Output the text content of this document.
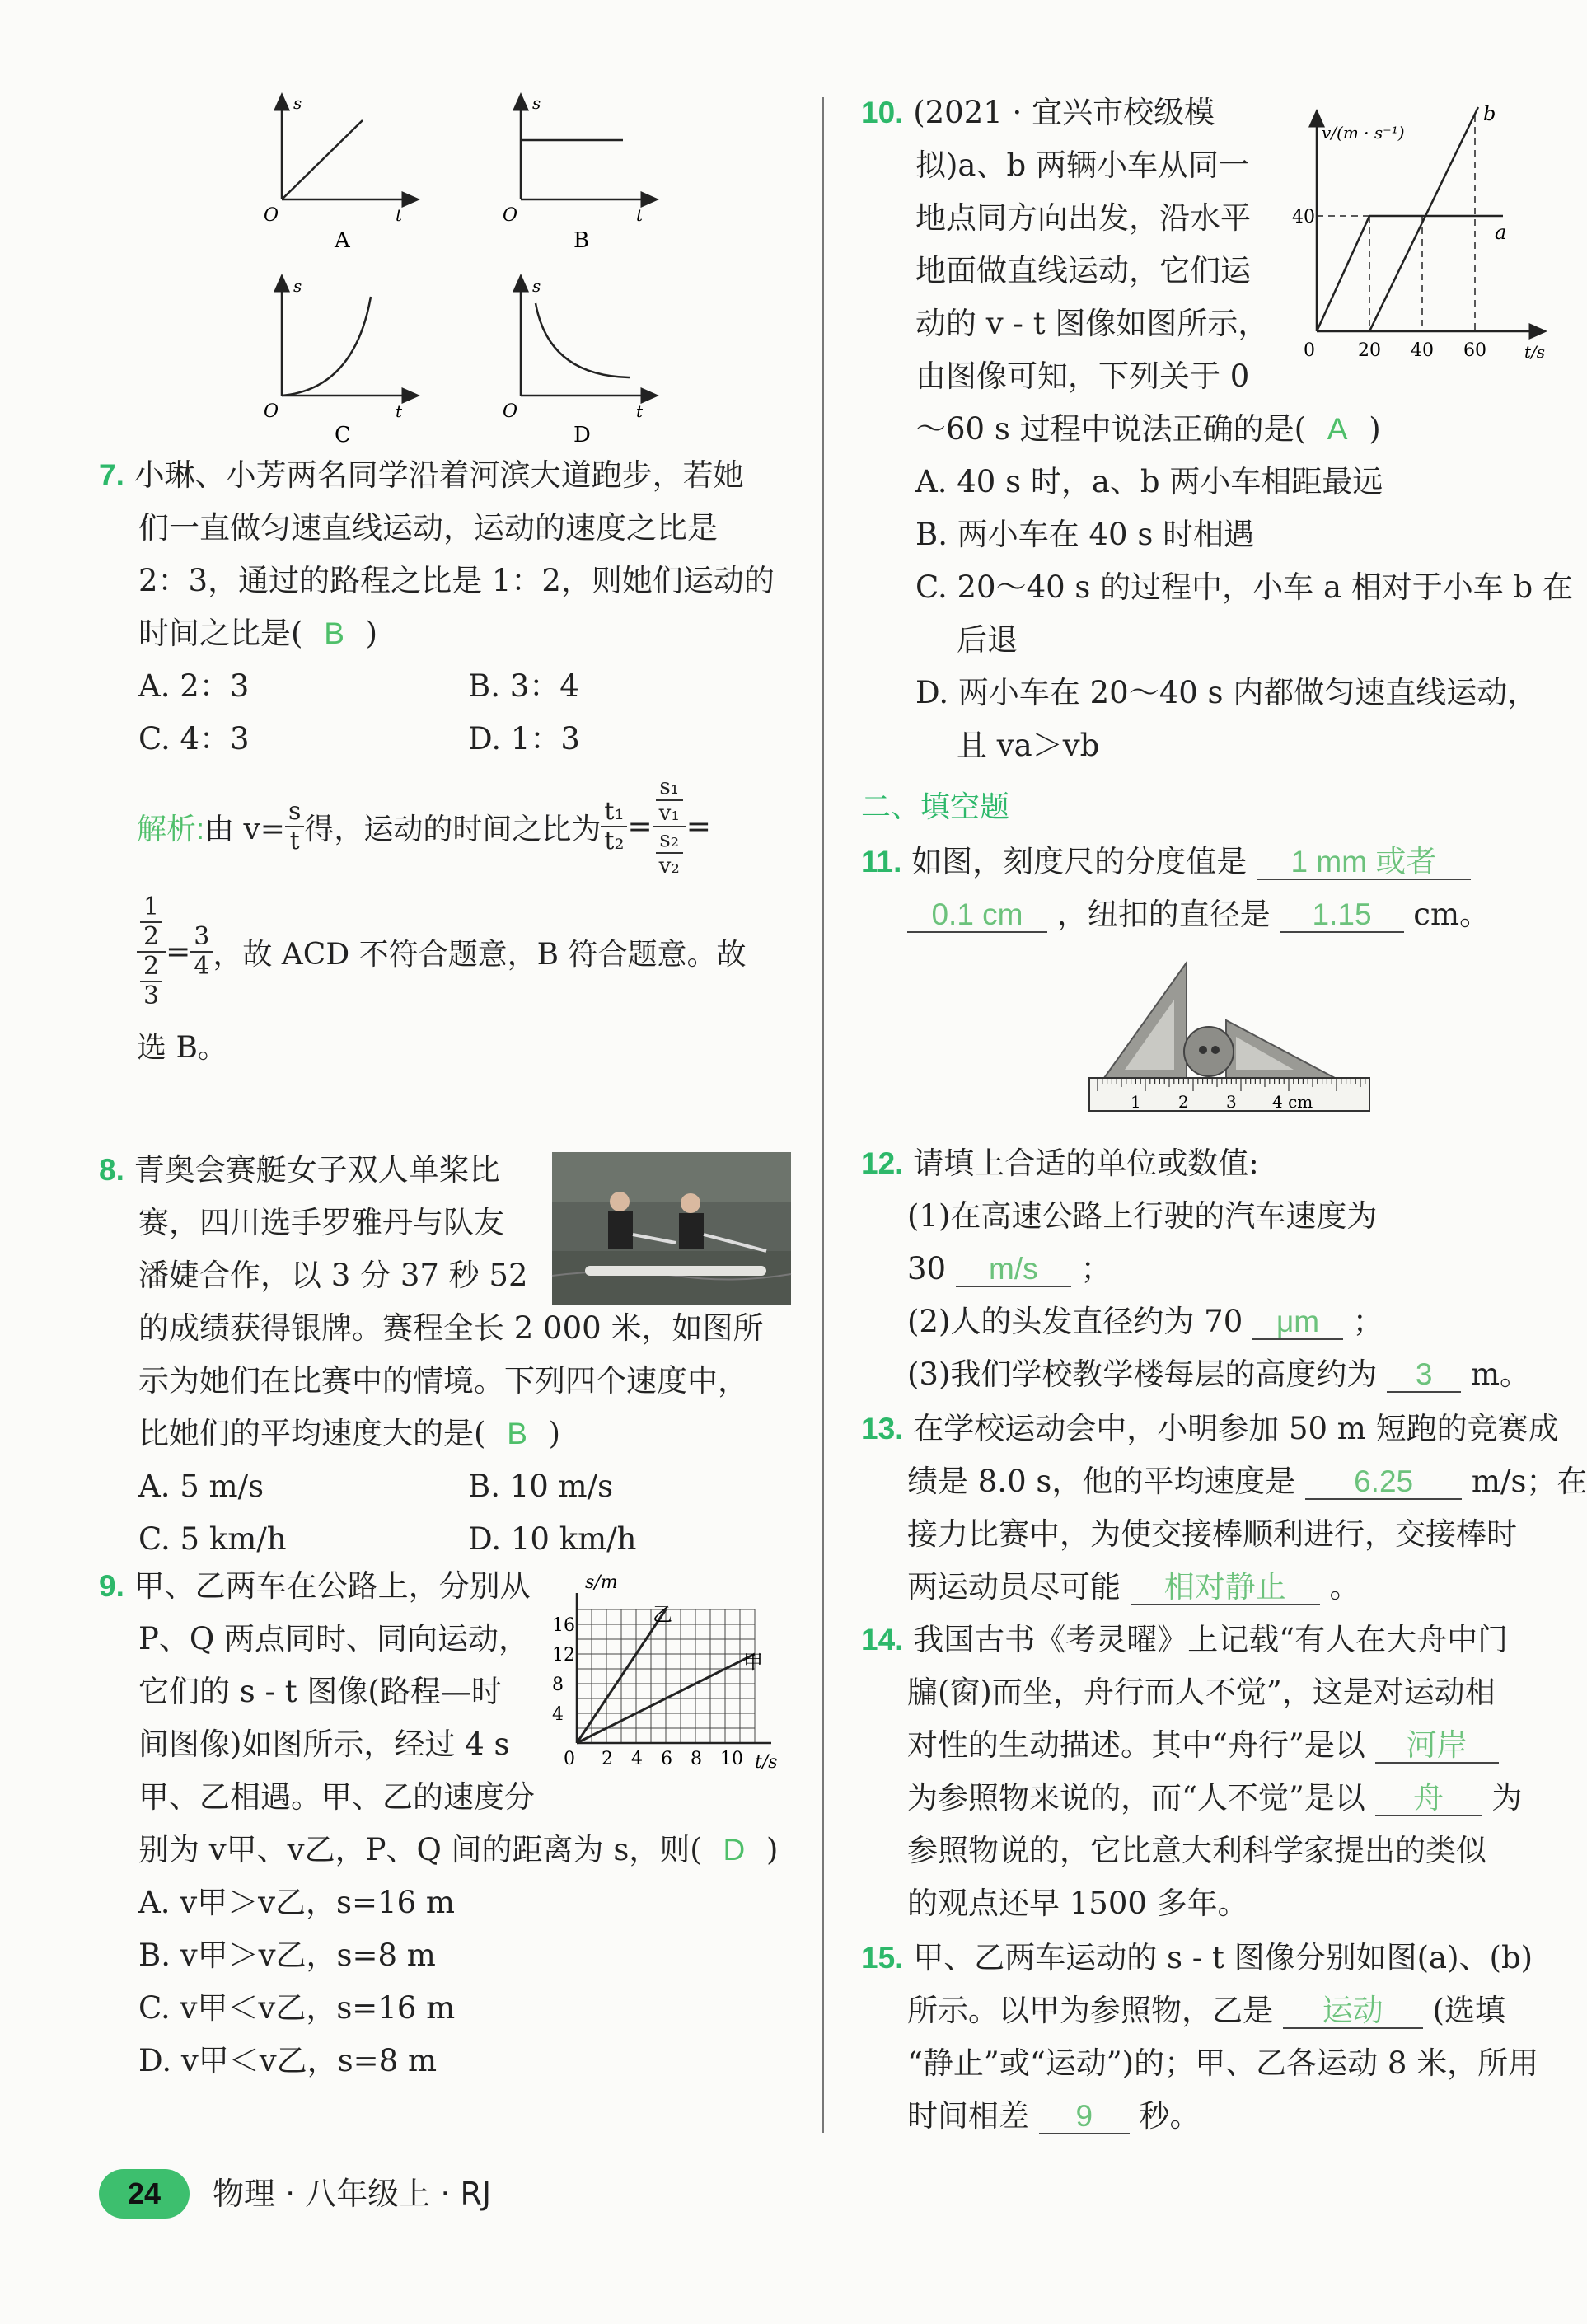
s
t
O
A
s
t
O
B
s
t
O
C
s
t
O
D
7. 小琳、小芳两名同学沿着河滨大道跑步，若她
们一直做匀速直线运动，运动的速度之比是
2：3，通过的路程之比是 1：2，则她们运动的
时间之比是( B )
A. 2：3	B. 3：4
C. 4：3	D. 1：3
解析: 由 $v= \frac{s}{t}$ 得，运动的时间之比为 $\frac{\text{t₁}}{\text{t₂}} = \frac{\frac{\text{s₁}}{\text{v₁}}}{\frac{\text{s₂}}{\text{v₂}}}$ =
$\frac{\frac{1}{2}}{\frac{2}{3}} = \frac{3}{4}$ ，故 ACD 不符合题意，B 符合题意。故
选 B。
8. 青奥会赛艇女子双人单桨比
赛，四川选手罗雅丹与队友
潘婕合作，以 3 分 37 秒 52
的成绩获得银牌。赛程全长 2 000 米，如图所
示为她们在比赛中的情境。下列四个速度中，
比她们的平均速度大的是( B )
A. 5 m/s	B. 10 m/s
C. 5 km/h	D. 10 km/h
9. 甲、乙两车在公路上，分别从
P、Q 两点同时、同向运动，
它们的 s - t 图像(路程—时
间图像)如图所示，经过 4 s
甲、乙相遇。甲、乙的速度分
别为 v甲、v乙，P、Q 间的距离为 s，则( D )
A. v甲＞v乙，s=16 m
B. v甲＞v乙，s=8 m
C. v甲＜v乙，s=16 m
D. v甲＜v乙，s=8 m
4
8
12
16
0 2 4 6 8 10
s/m
t/s
乙
甲
10. (2021 · 宜兴市校级模
拟)a、b 两辆小车从同一
地点同方向出发，沿水平
地面做直线运动，它们运
动的 v - t 图像如图所示，
由图像可知，下列关于 0
～60 s 过程中说法正确的是( A )
A. 40 s 时，a、b 两小车相距最远
B. 两小车在 40 s 时相遇
C. 20～40 s 的过程中，小车 a 相对于小车 b 在
后退
D. 两小车在 20～40 s 内都做匀速直线运动，
且 va＞vb
v/(m · s⁻¹)
t/s
40
0 20 40 60
a
b
二、填空题
11. 如图，刻度尺的分度值是 1 mm 或者
0.1 cm ，纽扣的直径是 1.15 cm。
1 2 3 4 cm
12. 请填上合适的单位或数值:
(1)在高速公路上行驶的汽车速度为
30 m/s ；
(2)人的头发直径约为 70 μm ；
(3)我们学校教学楼每层的高度约为 3 m。
13. 在学校运动会中，小明参加 50 m 短跑的竞赛成
绩是 8.0 s，他的平均速度是 6.25 m/s；在
接力比赛中，为使交接棒顺利进行，交接棒时
两运动员尽可能 相对静止 。
14. 我国古书《考灵曜》上记载“有人在大舟中门
牖(窗)而坐，舟行而人不觉”，这是对运动相
对性的生动描述。其中“舟行”是以 河岸
为参照物来说的，而“人不觉”是以 舟 为
参照物说的，它比意大利科学家提出的类似
的观点还早 1500 多年。
15. 甲、乙两车运动的 s - t 图像分别如图(a)、(b)
所示。以甲为参照物，乙是 运动 (选填
“静止”或“运动”)的；甲、乙各运动 8 米，所用
时间相差 9 秒。
24	物理 · 八年级上 · RJ
